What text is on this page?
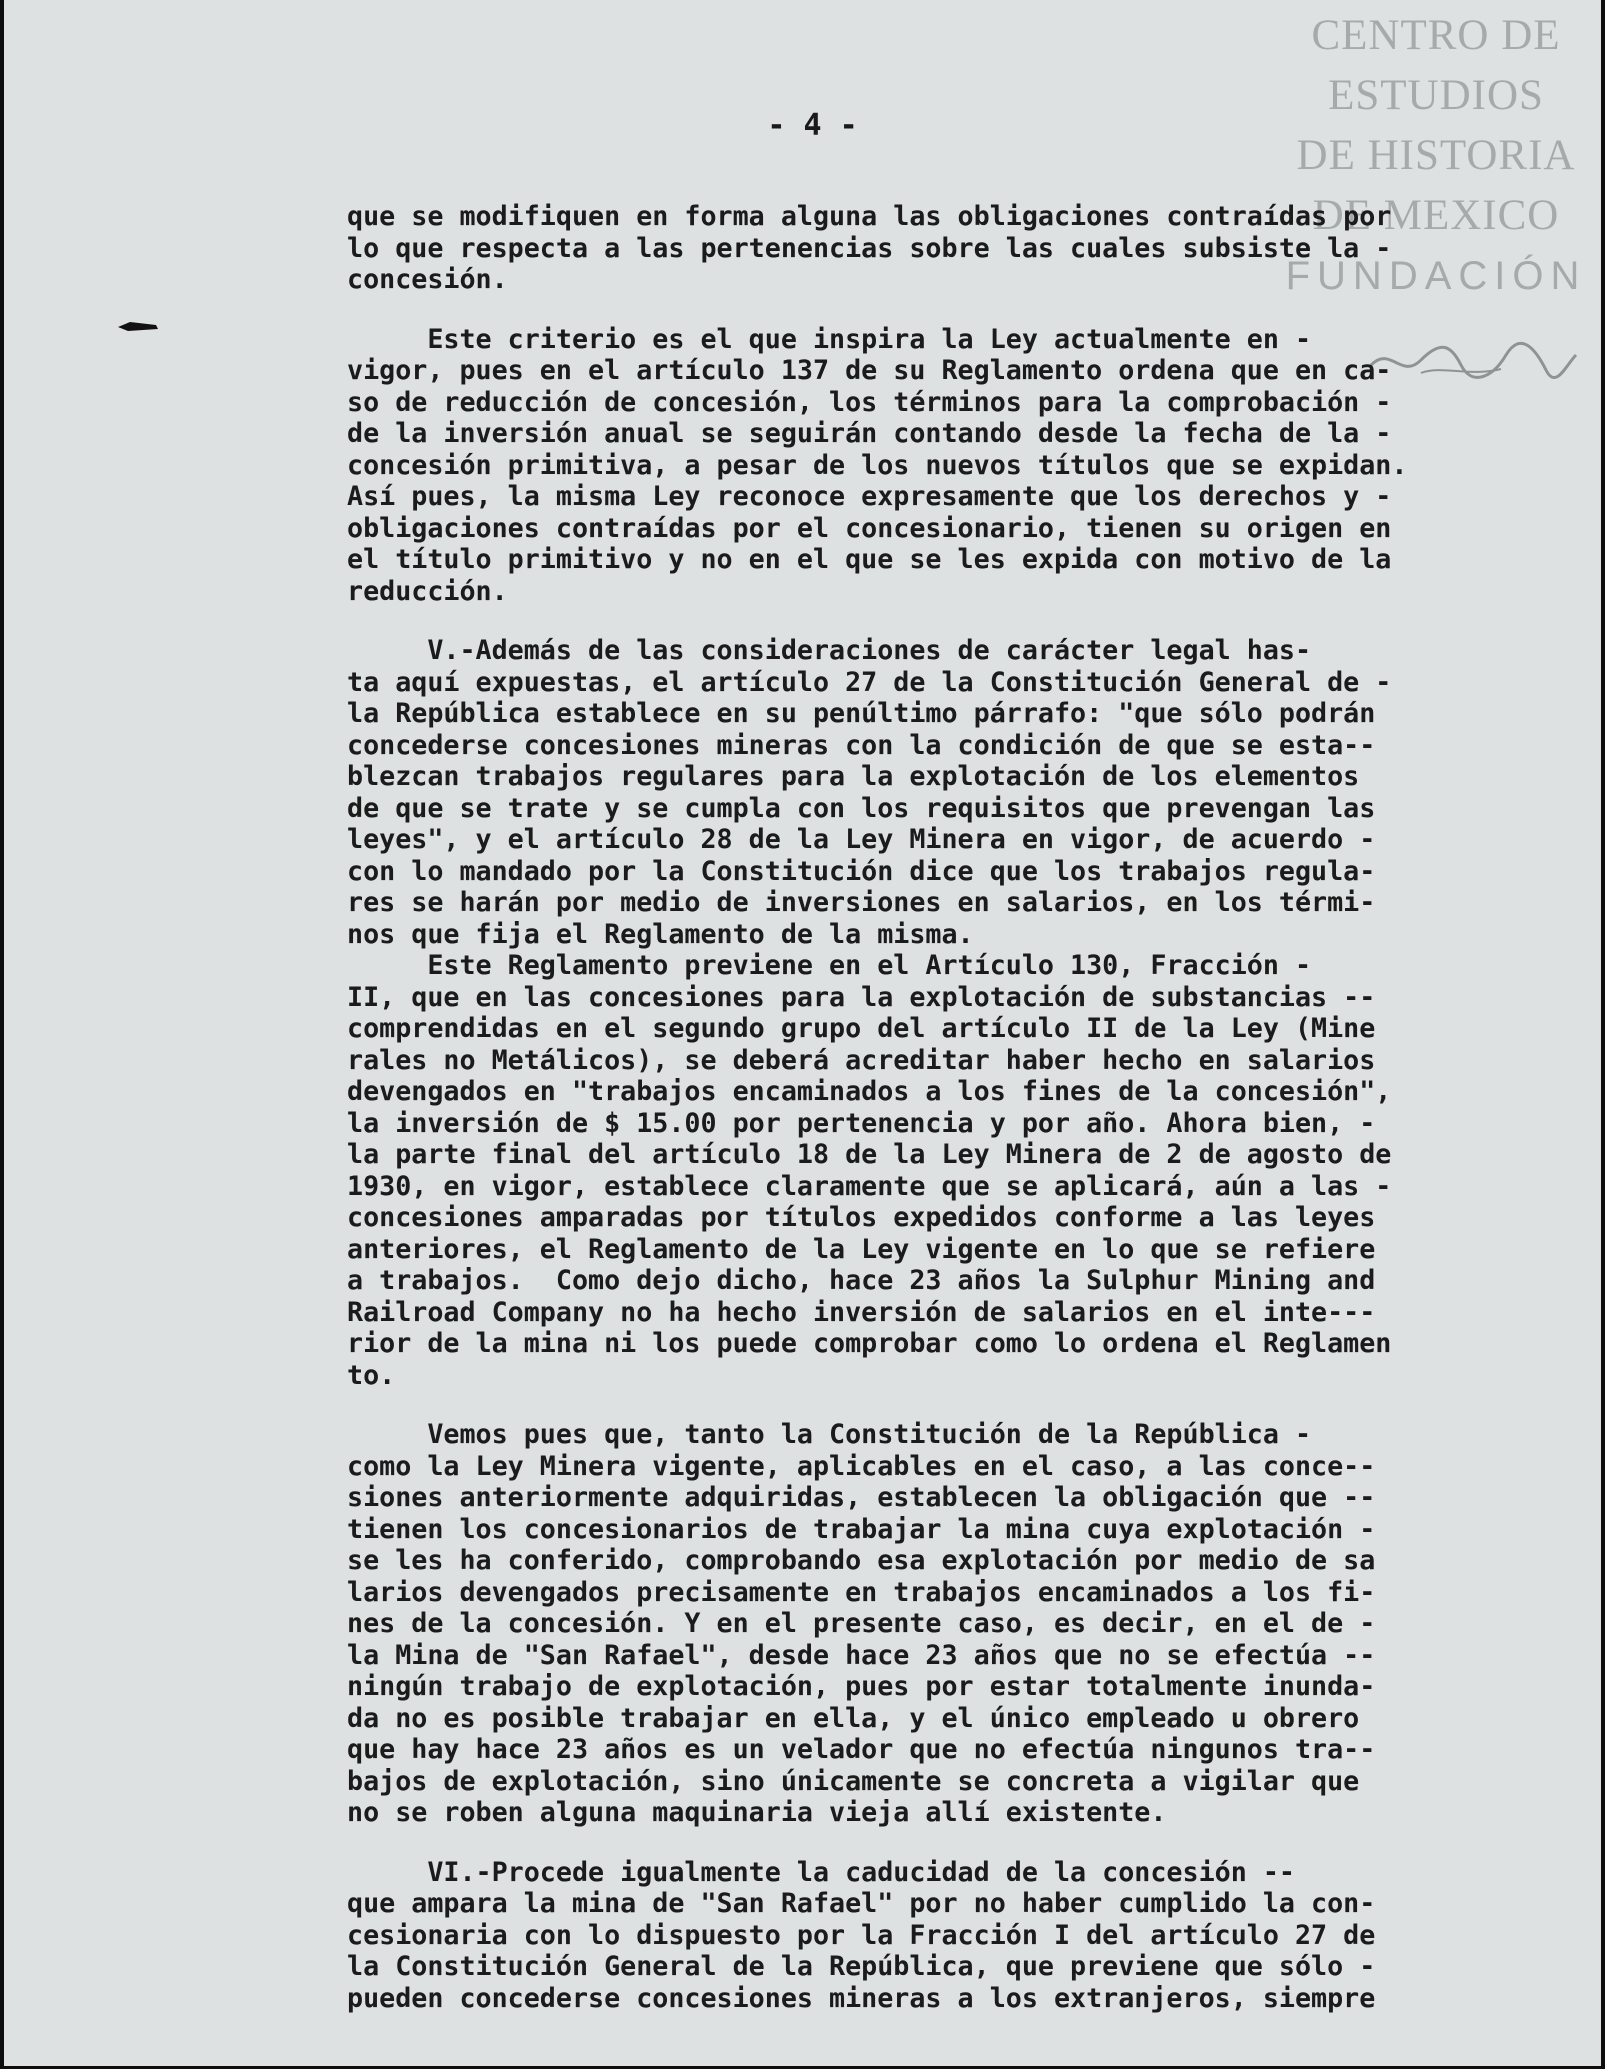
CENTRO DE
ESTUDIOS
DE HISTORIA
DE MEXICO
FUNDACIÓN
- 4 -
que se modifiquen en forma alguna las obligaciones contraídas por
lo que respecta a las pertenencias sobre las cuales subsiste la -
concesión.
Este criterio es el que inspira la Ley actualmente en -
vigor, pues en el artículo 137 de su Reglamento ordena que en ca-
so de reducción de concesión, los términos para la comprobación -
de la inversión anual se seguirán contando desde la fecha de la -
concesión primitiva, a pesar de los nuevos títulos que se expidan.
Así pues, la misma Ley reconoce expresamente que los derechos y -
obligaciones contraídas por el concesionario, tienen su origen en
el título primitivo y no en el que se les expida con motivo de la
reducción.
V.-Además de las consideraciones de carácter legal has-
ta aquí expuestas, el artículo 27 de la Constitución General de -
la República establece en su penúltimo párrafo: "que sólo podrán
concederse concesiones mineras con la condición de que se esta--
blezcan trabajos regulares para la explotación de los elementos
de que se trate y se cumpla con los requisitos que prevengan las
leyes", y el artículo 28 de la Ley Minera en vigor, de acuerdo -
con lo mandado por la Constitución dice que los trabajos regula-
res se harán por medio de inversiones en salarios, en los térmi-
nos que fija el Reglamento de la misma.
Este Reglamento previene en el Artículo 130, Fracción -
II, que en las concesiones para la explotación de substancias --
comprendidas en el segundo grupo del artículo II de la Ley (Mine
rales no Metálicos), se deberá acreditar haber hecho en salarios
devengados en "trabajos encaminados a los fines de la concesión",
la inversión de $ 15.00 por pertenencia y por año. Ahora bien, -
la parte final del artículo 18 de la Ley Minera de 2 de agosto de
1930, en vigor, establece claramente que se aplicará, aún a las -
concesiones amparadas por títulos expedidos conforme a las leyes
anteriores, el Reglamento de la Ley vigente en lo que se refiere
a trabajos.  Como dejo dicho, hace 23 años la Sulphur Mining and
Railroad Company no ha hecho inversión de salarios en el inte---
rior de la mina ni los puede comprobar como lo ordena el Reglamen
to.
Vemos pues que, tanto la Constitución de la República -
como la Ley Minera vigente, aplicables en el caso, a las conce--
siones anteriormente adquiridas, establecen la obligación que --
tienen los concesionarios de trabajar la mina cuya explotación -
se les ha conferido, comprobando esa explotación por medio de sa
larios devengados precisamente en trabajos encaminados a los fi-
nes de la concesión. Y en el presente caso, es decir, en el de -
la Mina de "San Rafael", desde hace 23 años que no se efectúa --
ningún trabajo de explotación, pues por estar totalmente inunda-
da no es posible trabajar en ella, y el único empleado u obrero
que hay hace 23 años es un velador que no efectúa ningunos tra--
bajos de explotación, sino únicamente se concreta a vigilar que
no se roben alguna maquinaria vieja allí existente.
VI.-Procede igualmente la caducidad de la concesión --
que ampara la mina de "San Rafael" por no haber cumplido la con-
cesionaria con lo dispuesto por la Fracción I del artículo 27 de
la Constitución General de la República, que previene que sólo -
pueden concederse concesiones mineras a los extranjeros, siempre
